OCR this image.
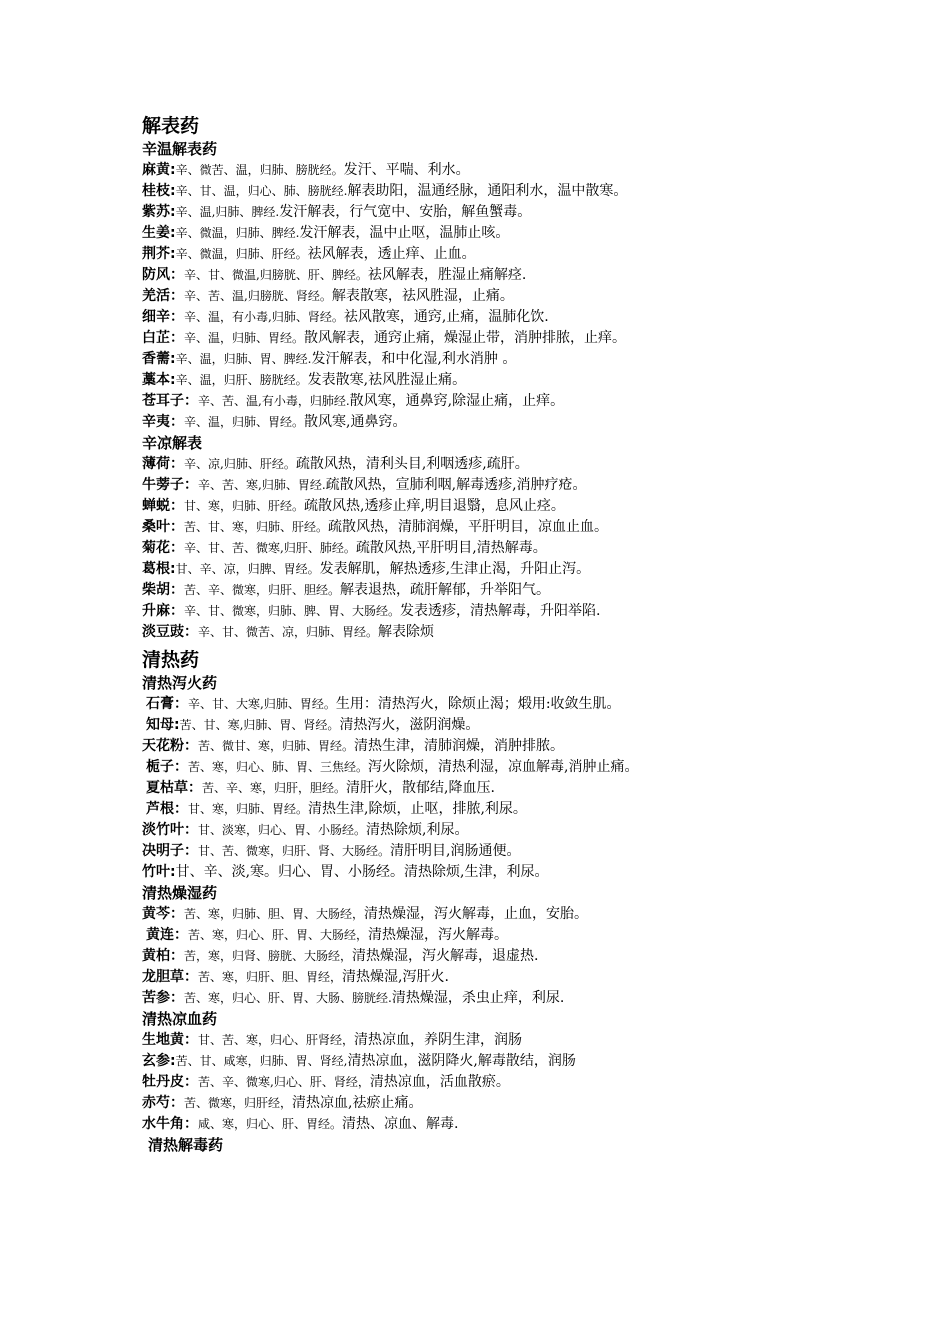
解表药
辛温解表药
麻黄:辛、微苦、温，归肺、膀胱经。发汗、平喘、利水。
桂枝:辛、甘、温，归心、肺、膀胱经.解表助阳，温通经脉，通阳利水，温中散寒。
紫苏:辛、温,归肺、脾经.发汗解表，行气宽中、安胎，解鱼蟹毒。
生姜:辛、微温，归肺、脾经.发汗解表，温中止呕，温肺止咳。
荆芥:辛、微温，归肺、肝经。祛风解表，透止痒、止血。
防风：辛、甘、微温,归膀胱、肝、脾经。祛风解表，胜湿止痛解痉.
羌活：辛、苦、温,归膀胱、肾经。解表散寒，祛风胜湿，止痛。
细辛：辛、温，有小毒,归肺、肾经。祛风散寒，通窍,止痛，温肺化饮.
白芷：辛、温，归肺、胃经。散风解表，通窍止痛，燥湿止带，消肿排脓，止痒。
香薷:辛、温，归肺、胃、脾经.发汗解表，和中化湿,利水消肿 。
藁本:辛、温，归肝、膀胱经。发表散寒,祛风胜湿止痛。
苍耳子：辛、苦、温,有小毒，归肺经.散风寒，通鼻窍,除湿止痛，止痒。
辛夷：辛、温，归肺、胃经。散风寒,通鼻窍。
辛凉解表
薄荷：辛、凉,归肺、肝经。疏散风热，清利头目,利咽透疹,疏肝。
牛蒡子：辛、苦、寒,归肺、胃经.疏散风热，宣肺利咽,解毒透疹,消肿疗疮。
蝉蜕：甘、寒，归肺、肝经。疏散风热,透疹止痒,明目退翳，息风止痉。
桑叶：苦、甘、寒，归肺、肝经。疏散风热，清肺润燥，平肝明目，凉血止血。
菊花：辛、甘、苦、微寒,归肝、肺经。疏散风热,平肝明目,清热解毒。
葛根:甘、辛、凉，归脾、胃经。发表解肌，解热透疹,生津止渴，升阳止泻。
柴胡：苦、辛、微寒，归肝、胆经。解表退热，疏肝解郁，升举阳气。
升麻：辛、甘、微寒，归肺、脾、胃、大肠经。发表透疹，清热解毒，升阳举陷.
淡豆豉：辛、甘、微苦、凉，归肺、胃经。解表除烦
清热药
清热泻火药
石膏：辛、甘、大寒,归肺、胃经。生用：清热泻火，除烦止渴；煅用:收敛生肌。
知母:苦、甘、寒,归肺、胃、肾经。清热泻火，滋阴润燥。
天花粉：苦、微甘、寒，归肺、胃经。清热生津，清肺润燥，消肿排脓。
栀子：苦、寒，归心、肺、胃、三焦经。泻火除烦，清热利湿，凉血解毒,消肿止痛。
夏枯草：苦、辛、寒，归肝，胆经。清肝火，散郁结,降血压.
芦根：甘、寒，归肺、胃经。清热生津,除烦，止呕，排脓,利尿。
淡竹叶：甘、淡寒，归心、胃、小肠经。清热除烦,利尿。
决明子：甘、苦、微寒，归肝、肾、大肠经。清肝明目,润肠通便。
竹叶:甘、辛、淡,寒。归心、胃、小肠经。清热除烦,生津，利尿。
清热燥湿药
黄芩：苦、寒，归肺、胆、胃、大肠经，清热燥湿，泻火解毒，止血，安胎。
黄连：苦、寒，归心、肝、胃、大肠经，清热燥湿，泻火解毒。
黄柏：苦，寒，归肾、膀胱、大肠经，清热燥湿，泻火解毒，退虚热.
龙胆草：苦、寒，归肝、胆、胃经，清热燥湿,泻肝火.
苦参：苦、寒，归心、肝、胃、大肠、膀胱经.清热燥湿，杀虫止痒，利尿.
清热凉血药
生地黄：甘、苦、寒，归心、肝肾经，清热凉血，养阴生津，润肠
玄参:苦、甘、咸寒，归肺、胃、肾经,清热凉血，滋阴降火,解毒散结，润肠
牡丹皮：苦、辛、微寒,归心、肝、肾经，清热凉血，活血散瘀。
赤芍：苦、微寒，归肝经，清热凉血,祛瘀止痛。
水牛角：咸、寒，归心、肝、胃经。清热、凉血、解毒.
清热解毒药
